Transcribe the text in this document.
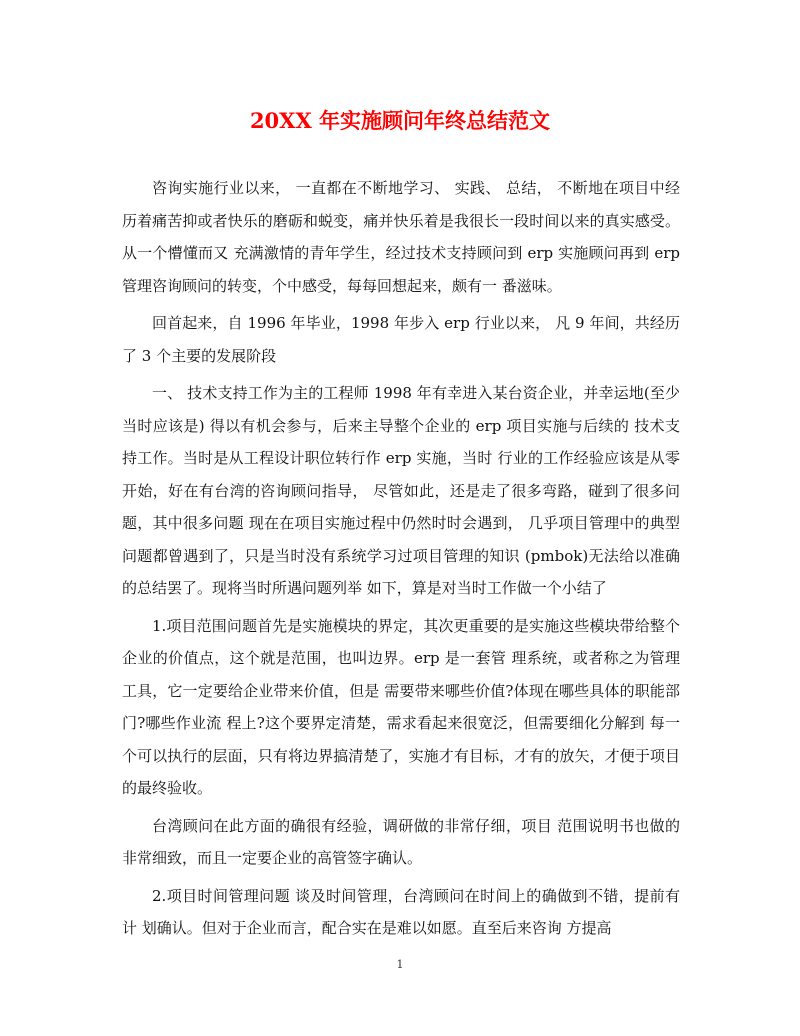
20XX 年实施顾问年终总结范文

咨询实施行业以来， 一直都在不断地学习、 实践、 总结， 不断地在项目中经历着痛苦抑或者快乐的磨砺和蜕变，痛并快乐着是我很长一段时间以来的真实感受。从一个懵懂而又 充满激情的青年学生，经过技术支持顾问到 erp 实施顾问再到 erp 管理咨询顾问的转变，个中感受，每每回想起来，颇有一 番滋味。

回首起来，自 1996 年毕业，1998 年步入 erp 行业以来， 凡 9 年间，共经历了 3 个主要的发展阶段

一、 技术支持工作为主的工程师 1998 年有幸进入某台资企业，并幸运地(至少当时应该是) 得以有机会参与，后来主导整个企业的 erp 项目实施与后续的 技术支持工作。当时是从工程设计职位转行作 erp 实施，当时 行业的工作经验应该是从零开始，好在有台湾的咨询顾问指导， 尽管如此，还是走了很多弯路，碰到了很多问题，其中很多问题 现在在项目实施过程中仍然时时会遇到， 几乎项目管理中的典型 问题都曾遇到了，只是当时没有系统学习过项目管理的知识 (pmbok)无法给以准确的总结罢了。现将当时所遇问题列举 如下，算是对当时工作做一个小结了

1.项目范围问题首先是实施模块的界定，其次更重要的是实施这些模块带给整个企业的价值点，这个就是范围，也叫边界。erp 是一套管 理系统，或者称之为管理工具，它一定要给企业带来价值，但是 需要带来哪些价值?体现在哪些具体的职能部门?哪些作业流 程上?这个要界定清楚，需求看起来很宽泛，但需要细化分解到 每一个可以执行的层面，只有将边界搞清楚了，实施才有目标，才有的放矢，才便于项目的最终验收。

台湾顾问在此方面的确很有经验，调研做的非常仔细，项目 范围说明书也做的非常细致，而且一定要企业的高管签字确认。

2.项目时间管理问题 谈及时间管理，台湾顾问在时间上的确做到不错，提前有计 划确认。但对于企业而言，配合实在是难以如愿。直至后来咨询 方提高

1
